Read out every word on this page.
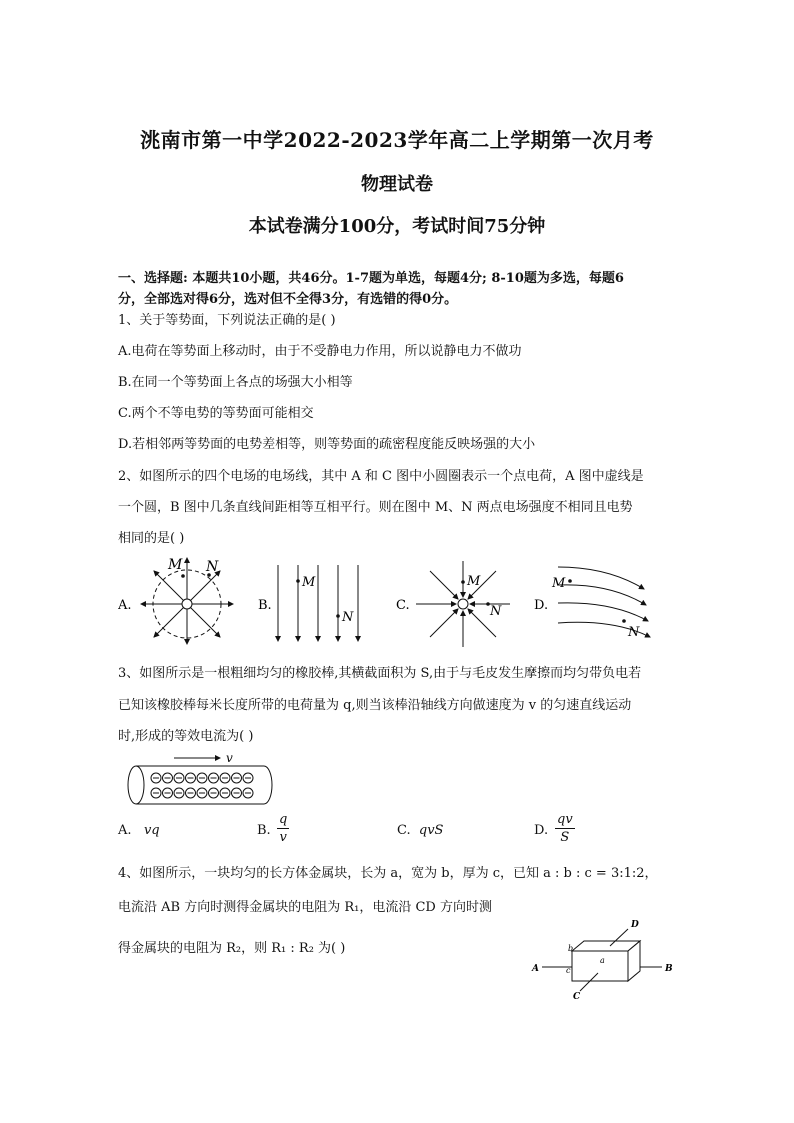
洮南市第一中学2022-2023学年高二上学期第一次月考
物理试卷
本试卷满分100分，考试时间75分钟
一、选择题: 本题共10小题，共46分。1-7题为单选，每题4分; 8-10题为多选，每题6
分，全部选对得6分，选对但不全得3分，有选错的得0分。
1、关于等势面，下列说法正确的是( )
A.电荷在等势面上移动时，由于不受静电力作用，所以说静电力不做功
B.在同一个等势面上各点的场强大小相等
C.两个不等电势的等势面可能相交
D.若相邻两等势面的电势差相等，则等势面的疏密程度能反映场强的大小
2、如图所示的四个电场的电场线，其中 A 和 C 图中小圆圈表示一个点电荷，A 图中虚线是
一个圆，B 图中几条直线间距相等互相平行。则在图中 M、N 两点电场强度不相同且电势
相同的是( )
A.
M N
B.
M
N
C.
M
N	D.
M
N
3、如图所示是一根粗细均匀的橡胶棒,其横截面积为 S,由于与毛皮发生摩擦而均匀带负电若
已知该橡胶棒每米长度所带的电荷量为 q,则当该棒沿轴线方向做速度为 v 的匀速直线运动
时,形成的等效电流为( )
v
A. vq	B.
q
v	C. qvS	D.
qv
S
4、如图所示，一块均匀的长方体金属块，长为 a，宽为 b，厚为 c，已知 a : b : c = 3:1:2，
电流沿 AB 方向时测得金属块的电阻为 R₁，电流沿 CD 方向时测
得金属块的电阻为 R₂，则 R₁ : R₂ 为( )
A	B
D
C
a
b
c
